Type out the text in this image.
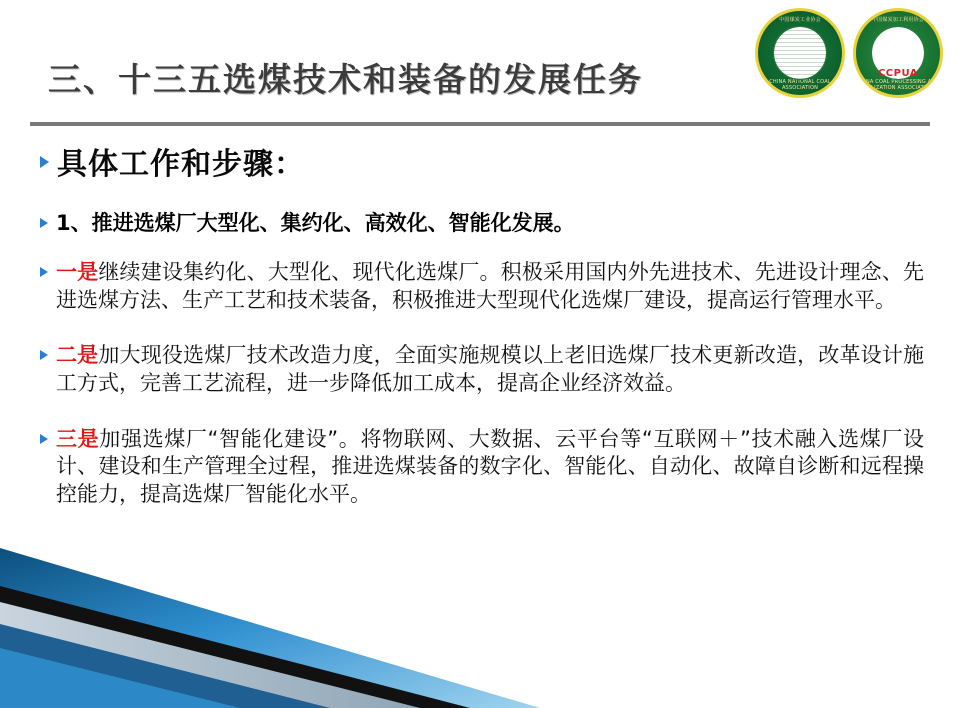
中国煤炭工业协会
CHINA NATIONAL COAL ASSOCIATION
中国煤炭加工利用协会
CHINA COAL PROCESSING AND UTILIZATION ASSOCIATION
CCPUA
三、十三五选煤技术和装备的发展任务
具体工作和步骤：
1、推进选煤厂大型化、集约化、高效化、智能化发展。
一是继续建设集约化、大型化、现代化选煤厂。积极采用国内外先进技术、先进设计理念、先进选煤方法、生产工艺和技术装备，积极推进大型现代化选煤厂建设，提高运行管理水平。
二是加大现役选煤厂技术改造力度，全面实施规模以上老旧选煤厂技术更新改造，改革设计施工方式，完善工艺流程，进一步降低加工成本，提高企业经济效益。
三是加强选煤厂“智能化建设”。将物联网、大数据、云平台等“互联网＋”技术融入选煤厂设计、建设和生产管理全过程，推进选煤装备的数字化、智能化、自动化、故障自诊断和远程操控能力，提高选煤厂智能化水平。
